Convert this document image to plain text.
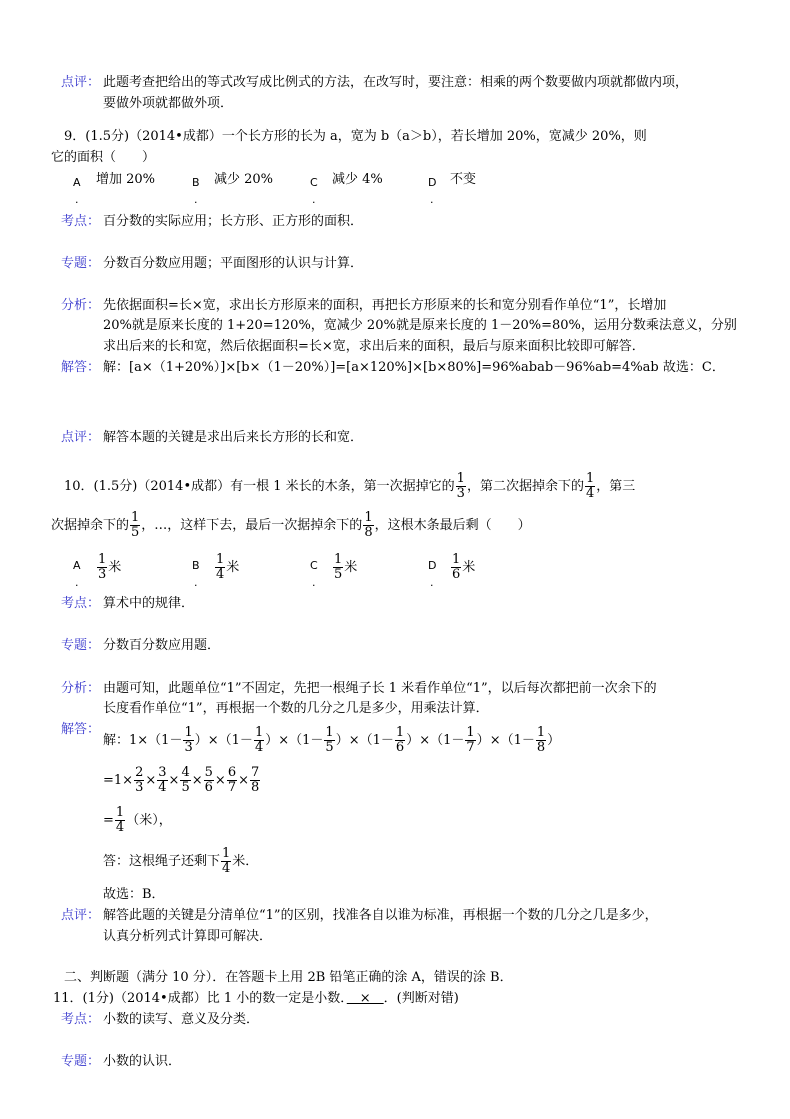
点评： 此题考查把给出的等式改写成比例式的方法，在改写时，要注意：相乘的两个数要做内项就都做内项，
要做外项就都做外项．
9．(1.5分)（2014•成都）一个长方形的长为 a，宽为 b（a＞b），若长增加 20%，宽减少 20%，则
它的面积（　　）
A
.
增加 20%	B
.
减少 20%	C
.
减少 4%	D
.
不变
考点： 百分数的实际应用；长方形、正方形的面积．
专题： 分数百分数应用题；平面图形的认识与计算．
分析： 先依据面积=长×宽，求出长方形原来的面积，再把长方形原来的长和宽分别看作单位“1”，长增加
20%就是原来长度的 1+20=120%，宽减少 20%就是原来长度的 1－20%=80%，运用分数乘法意义，分别
求出后来的长和宽，然后依据面积=长×宽，求出后来的面积，最后与原来面积比较即可解答．
解答： 解：[a×（1+20%）]×[b×（1－20%）]=[a×120%]×[b×80%]=96%abab－96%ab=4%ab 故选：C．
点评： 解答本题的关键是求出后来长方形的长和宽．
10．(1.5分)（2014•成都）有一根 1 米长的木条，第一次据掉它的 $\frac{1}{3}$ ，第二次据掉余下的 $\frac{1}{4}$ ，第三
次据掉余下的 $\frac{1}{5}$ ，…，这样下去，最后一次据掉余下的 $\frac{1}{8}$ ，这根木条最后剩（　　）
A
.
$\frac{1}{3}$ 米	B
.
$\frac{1}{4}$ 米	C
.
$\frac{1}{5}$ 米	D
.
$\frac{1}{6}$ 米
考点： 算术中的规律．
专题： 分数百分数应用题．
分析： 由题可知，此题单位“1”不固定，先把一根绳子长 1 米看作单位“1”，以后每次都把前一次余下的
长度看作单位“1”，再根据一个数的几分之几是多少，用乘法计算．
解答：
解：$1\times(1- \frac{1}{3} )\times(1- \frac{1}{4} )\times(1- \frac{1}{5} )\times(1- \frac{1}{6} )\times(1- \frac{1}{7} )\times(1- \frac{1}{8}$ ）
$=1\times \frac{2}{3} \times \frac{3}{4} \times \frac{4}{5} \times \frac{5}{6} \times \frac{6}{7} \times \frac{7}{8}$
= $\frac{1}{4}$ （米），
答：这根绳子还剩下 $\frac{1}{4}$ 米．
故选：B．
点评： 解答此题的关键是分清单位“1”的区别，找准各自以谁为标准，再根据一个数的几分之几是多少，
认真分析列式计算即可解决．
二、判断题（满分 10 分）．在答题卡上用 2B 铅笔正确的涂 A，错误的涂 B．
11．(1分)（2014•成都）比 1 小的数一定是小数．　×　．(判断对错)
考点： 小数的读写、意义及分类．
专题： 小数的认识．
